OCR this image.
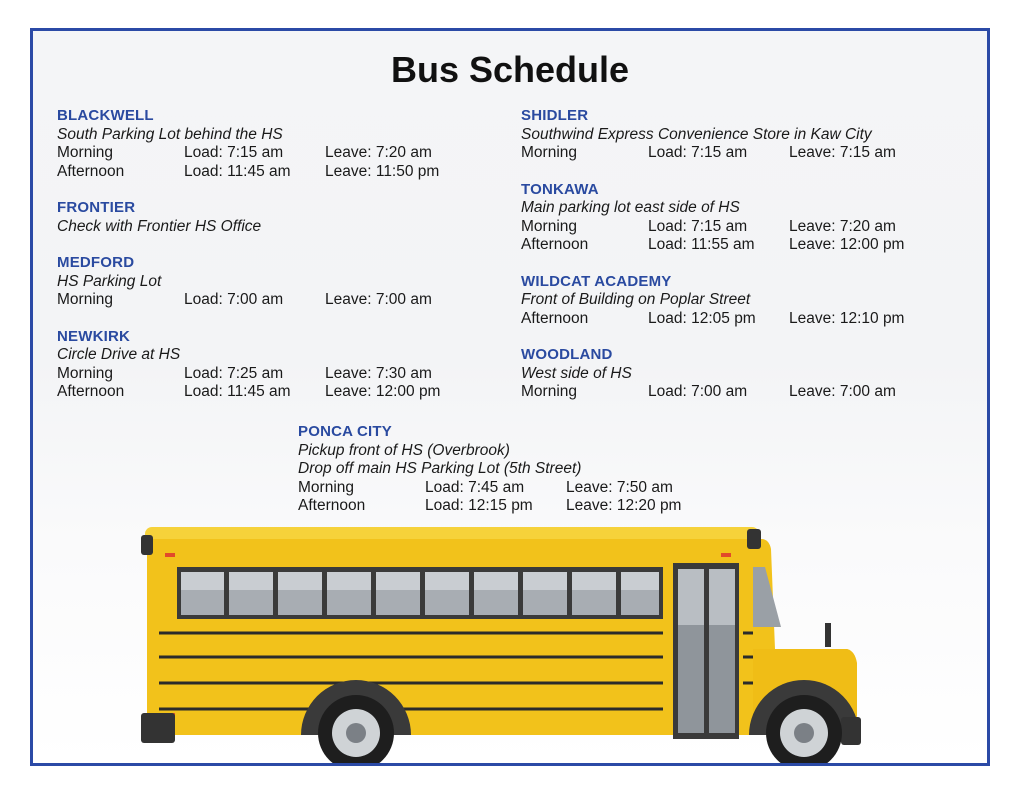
Bus Schedule
BLACKWELL
South Parking Lot behind the HS
Morning	Load: 7:15 am	Leave: 7:20 am
Afternoon	Load: 11:45 am	Leave: 11:50 pm
FRONTIER
Check with Frontier HS Office
MEDFORD
HS Parking Lot
Morning	Load: 7:00 am	Leave: 7:00 am
NEWKIRK
Circle Drive at HS
Morning	Load: 7:25 am	Leave: 7:30 am
Afternoon	Load: 11:45 am	Leave: 12:00 pm
SHIDLER
Southwind Express Convenience Store in Kaw City
Morning	Load: 7:15 am	Leave: 7:15 am
TONKAWA
Main parking lot east side of HS
Morning	Load: 7:15 am	Leave: 7:20 am
Afternoon	Load: 11:55 am	Leave: 12:00 pm
WILDCAT ACADEMY
Front of Building on Poplar Street
Afternoon	Load: 12:05 pm	Leave: 12:10 pm
WOODLAND
West side of HS
Morning	Load: 7:00 am	Leave: 7:00 am
PONCA CITY
Pickup front of HS (Overbrook)
Drop off main HS Parking Lot (5th Street)
Morning	Load: 7:45 am	Leave: 7:50 am
Afternoon	Load: 12:15 pm	Leave: 12:20 pm
